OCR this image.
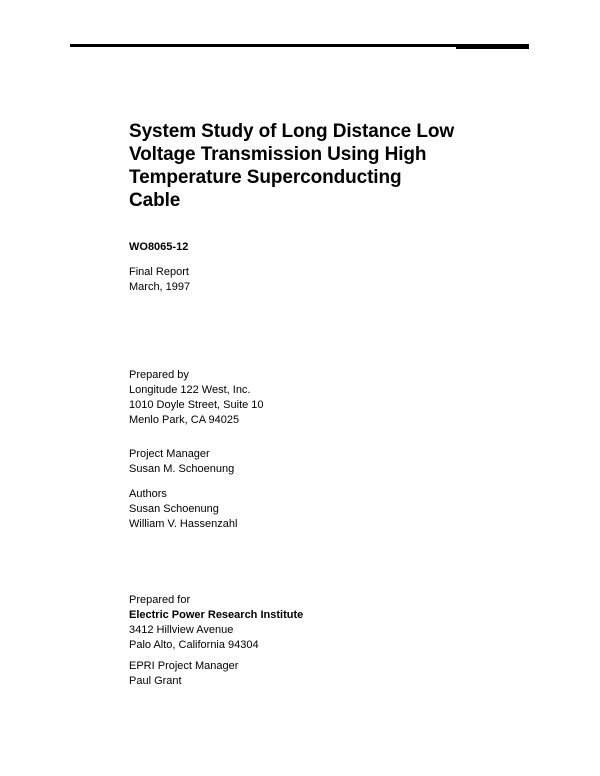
System Study of Long Distance Low
Voltage Transmission Using High
Temperature Superconducting
Cable
WO8065-12
Final Report
March, 1997
Prepared by
Longitude 122 West, Inc.
1010 Doyle Street, Suite 10
Menlo Park, CA 94025
Project Manager
Susan M. Schoenung
Authors
Susan Schoenung
William V. Hassenzahl
Prepared for
Electric Power Research Institute
3412 Hillview Avenue
Palo Alto, California 94304
EPRI Project Manager
Paul Grant
